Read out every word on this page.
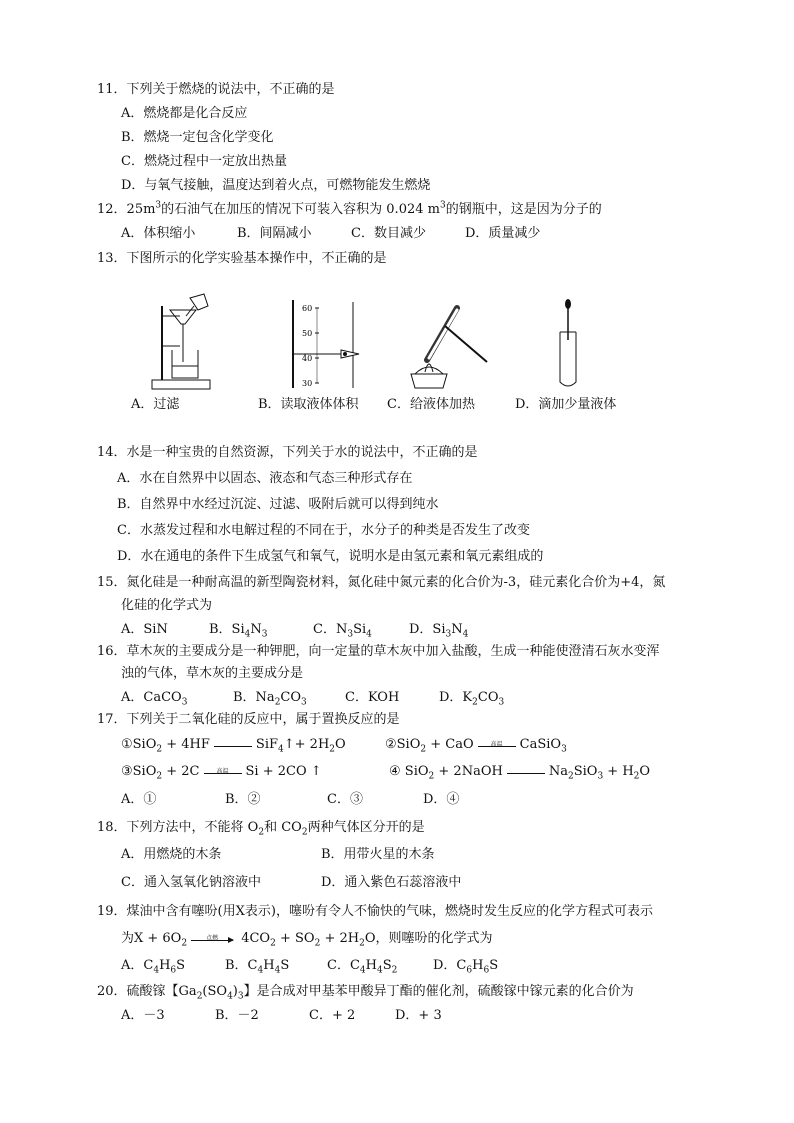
11．下列关于燃烧的说法中，不正确的是
A．燃烧都是化合反应
B．燃烧一定包含化学变化
C．燃烧过程中一定放出热量
D．与氧气接触，温度达到着火点，可燃物能发生燃烧
12．$25m^3$的石油气在加压的情况下可装入容积为 0.024 $m^3$的钢瓶中，这是因为分子的
A．体积缩小	B．间隔减小	C．数目减少	D．质量减少
13．下图所示的化学实验基本操作中，不正确的是
A．过滤
60
50
40
30
B．读取液体体积 C．给液体加热	D．滴加少量液体
14．水是一种宝贵的自然资源，下列关于水的说法中，不正确的是
A．水在自然界中以固态、液态和气态三种形式存在
B．自然界中水经过沉淀、过滤、吸附后就可以得到纯水
C．水蒸发过程和水电解过程的不同在于，水分子的种类是否发生了改变
D．水在通电的条件下生成氢气和氧气，说明水是由氢元素和氧元素组成的
15．氮化硅是一种耐高温的新型陶瓷材料，氮化硅中氮元素的化合价为-3，硅元素化合价为+4，氮
化硅的化学式为
A．SiN	B．$Si_4N_3$	C．$N_3Si_4$	D．$Si_3N_4$
16．草木灰的主要成分是一种钾肥，向一定量的草木灰中加入盐酸，生成一种能使澄清石灰水变浑
浊的气体，草木灰的主要成分是
A．CaCO$_3$	B．$Na_2CO_3$	C．KOH	D．$K_2CO_3$
17．下列关于二氧化硅的反应中，属于置换反应的是
①SiO$_2$ + 4HF	SiF$_4$↑+ $2H_2O$	②SiO$_2$ + CaO	高温	CaSiO$_3$
③SiO$_2$ + 2C	高温	Si + 2CO ↑	④ SiO$_2$ + 2NaOH	$Na_2SiO_3 + H_2O$
A．①	B．②	C．③	D．④
18．下列方法中，不能将 $O_2$和 $CO_2$两种气体区分开的是
A．用燃烧的木条	B．用带火星的木条
C．通入氢氧化钠溶液中	D．通入紫色石蕊溶液中
19．煤油中含有噻吩(用X表示)，噻吩有令人不愉快的气味，燃烧时发生反应的化学方程式可表示
为$X + 6O_2$
点燃	$4CO_2 + SO_2 + 2H_2O$，则噻吩的化学式为
A．$C_4H_6S$	B．$C_4H_4S$	C．$C_4H_4S_2$	D．$C_6H_6S$
20．硫酸镓【$Ga_2(SO_4)_3$】是合成对甲基苯甲酸异丁酯的催化剂，硫酸镓中镓元素的化合价为
A．－3	B．－2	C．+ 2	D．+ 3
